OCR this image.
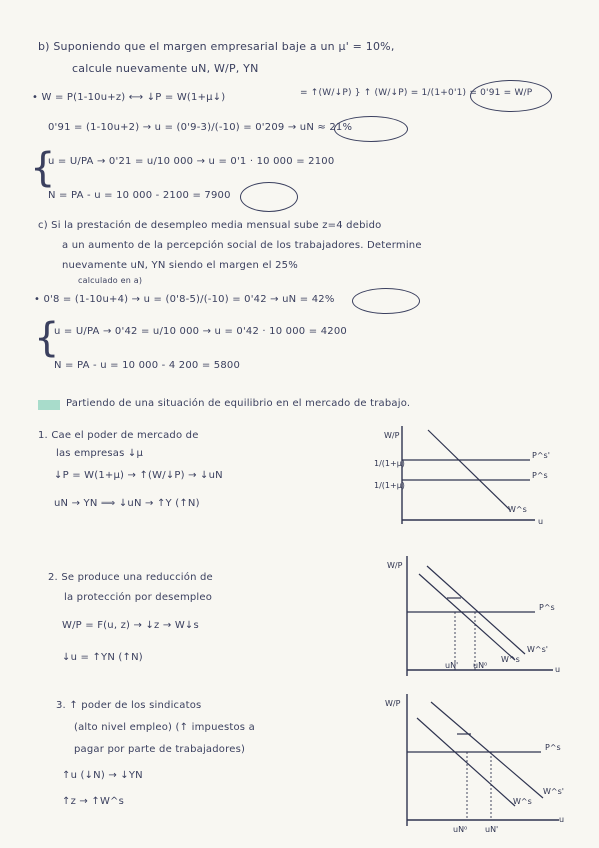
b) Suponiendo que el margen empresarial baje a un μ' = 10%,
calcule nuevamente uN, W/P, YN
• W = P(1-10u+z) ⟷ ↓P = W(1+μ↓)	= ↑(W/↓P) } ↑ (W/↓P) = 1/(1+0'1) = 0'91 = W/P
0'91 = (1-10u+2) → u = (0'9-3)/(-10) = 0'209 → uN ≈ 21%
{
u = U/PA → 0'21 = u/10 000 → u = 0'1 · 10 000 = 2100
N = PA - u = 10 000 - 2100 = 7900
c) Si la prestación de desempleo media mensual sube z=4 debido
a un aumento de la percepción social de los trabajadores. Determine
nuevamente uN, YN siendo el margen el 25%
calculado en a)
• 0'8 = (1-10u+4) → u = (0'8-5)/(-10) = 0'42 → uN = 42%
{
u = U/PA → 0'42 = u/10 000 → u = 0'42 · 10 000 = 4200
N = PA - u = 10 000 - 4 200 = 5800
Partiendo de una situación de equilibrio en el mercado de trabajo.
1. Cae el poder de mercado de
las empresas ↓μ
↓P = W(1+μ) → ↑(W/↓P) → ↓uN
uN → YN ⟹ ↓uN → ↑Y (↑N)
2. Se produce una reducción de
la protección por desempleo
W/P = F(u, z) → ↓z → W↓s
↓u = ↑YN (↑N)
3. ↑ poder de los sindicatos
(alto nivel empleo) (↑ impuestos a
pagar por parte de trabajadores)
↑u (↓N) → ↓YN
↑z → ↑W^s
W/P
1/(1+μ)
1/(1+μ)
P^s'
P^s
W^s
u
W/P
P^s
W^s'
W^s
uN' uN⁰	u
W/P
P^s
W^s'
W^s
uN⁰ uN'
u
